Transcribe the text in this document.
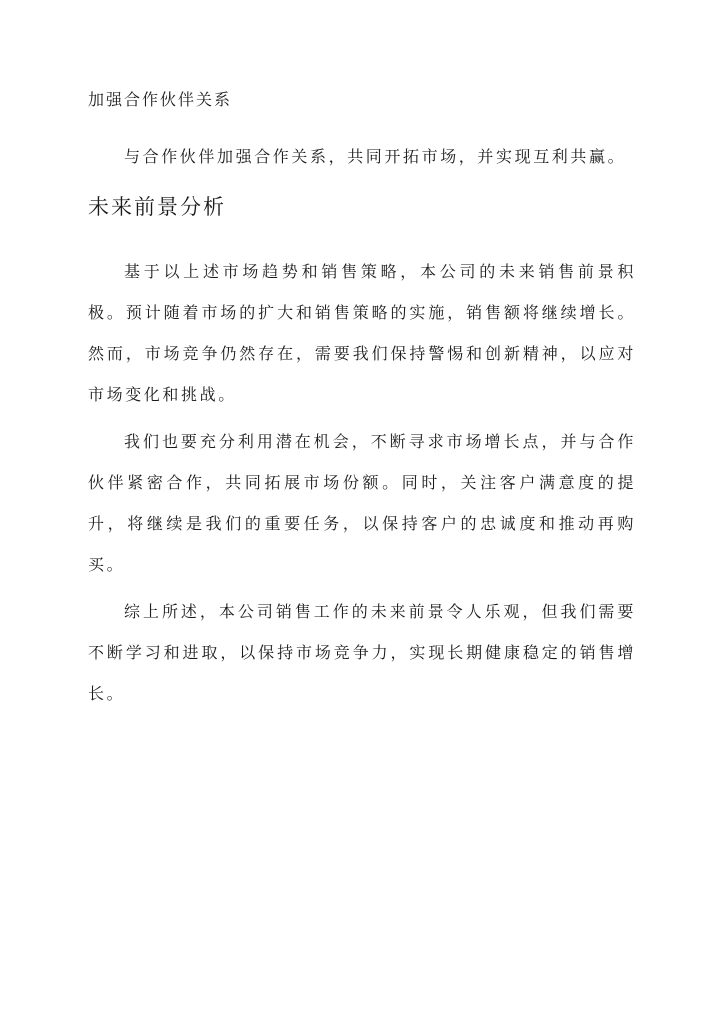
加强合作伙伴关系

与合作伙伴加强合作关系，共同开拓市场，并实现互利共赢。

未来前景分析

基于以上述市场趋势和销售策略，本公司的未来销售前景积极。预计随着市场的扩大和销售策略的实施，销售额将继续增长。然而，市场竞争仍然存在，需要我们保持警惕和创新精神，以应对市场变化和挑战。

我们也要充分利用潜在机会，不断寻求市场增长点，并与合作伙伴紧密合作，共同拓展市场份额。同时，关注客户满意度的提升，将继续是我们的重要任务，以保持客户的忠诚度和推动再购买。

综上所述，本公司销售工作的未来前景令人乐观，但我们需要不断学习和进取，以保持市场竞争力，实现长期健康稳定的销售增长。
